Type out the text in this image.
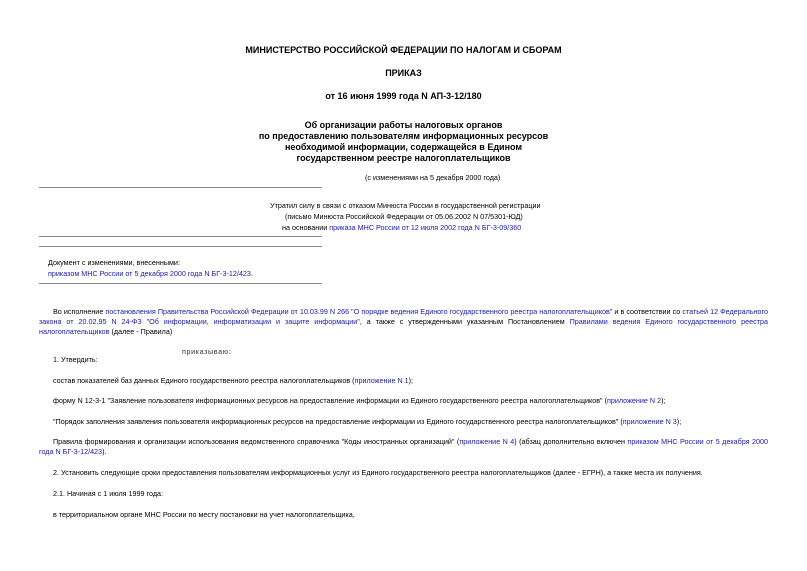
МИНИСТЕРСТВО РОССИЙСКОЙ ФЕДЕРАЦИИ ПО НАЛОГАМ И СБОРАМ
ПРИКАЗ
от 16 июня 1999 года N АП-3-12/180
Об организации работы налоговых органов
по предоставлению пользователям информационных ресурсов
необходимой информации, содержащейся в Едином
государственном реестре налогоплательщиков
(с изменениями на 5 декабря 2000 года)
Утратил силу в связи с отказом Минюста России в государственной регистрации
(письмо Минюста Российской Федерации от 05.06.2002 N 07/5301-ЮД)
на основании приказа МНС России от 12 июля 2002 года N БГ-3-09/360
Документ с изменениями, внесенными:
приказом МНС России от 5 декабря 2000 года N БГ-3-12/423.
Во исполнение постановления Правительства Российской Федерации от 10.03.99 N 266 "О порядке ведения Единого государственного реестра налогоплательщиков" и в соответствии со статьей 12 Федерального закона от 20.02.95 N 24-ФЗ "Об информации, информатизации и защите информации", а также с утвержденными указанным Постановлением Правилами ведения Единого государственного реестра налогоплательщиков (далее - Правила)
приказываю:
1. Утвердить:
состав показателей баз данных Единого государственного реестра налогоплательщиков (приложение N 1);
форму N 12-3-1 "Заявление пользователя информационных ресурсов на предоставление информации из Единого государственного реестра налогоплательщиков" (приложение N 2);
"Порядок заполнения заявления пользователя информационных ресурсов на предоставление информации из Единого государственного реестра налогоплательщиков" (приложение N 3);
Правила формирования и организации использования ведомственного справочника "Коды иностранных организаций" (приложение N 4) (абзац дополнительно включен приказом МНС России от 5 декабря 2000 года N БГ-3-12/423).
2. Установить следующие сроки предоставления пользователям информационных услуг из Единого государственного реестра налогоплательщиков (далее - ЕГРН), а также места их получения.
2.1. Начиная с 1 июля 1999 года:
в территориальном органе МНС России по месту постановки на учет налогоплательщика,
